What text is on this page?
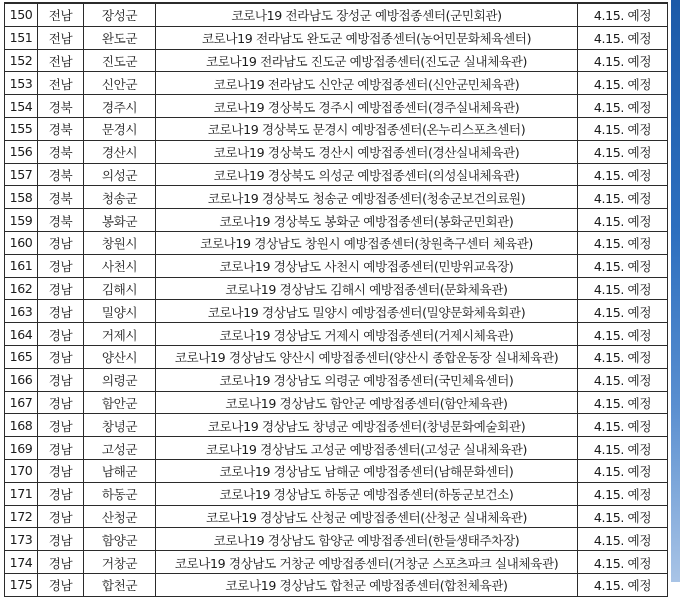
150	전남	장성군	코로나19 전라남도 장성군 예방접종센터(군민회관)	4.15. 예정
151	전남	완도군	코로나19 전라남도 완도군 예방접종센터(농어민문화체육센터)	4.15. 예정
152	전남	진도군	코로나19 전라남도 진도군 예방접종센터(진도군 실내체육관)	4.15. 예정
153	전남	신안군	코로나19 전라남도 신안군 예방접종센터(신안군민체육관)	4.15. 예정
154	경북	경주시	코로나19 경상북도 경주시 예방접종센터(경주실내체육관)	4.15. 예정
155	경북	문경시	코로나19 경상북도 문경시 예방접종센터(온누리스포츠센터)	4.15. 예정
156	경북	경산시	코로나19 경상북도 경산시 예방접종센터(경산실내체육관)	4.15. 예정
157	경북	의성군	코로나19 경상북도 의성군 예방접종센터(의성실내체육관)	4.15. 예정
158	경북	청송군	코로나19 경상북도 청송군 예방접종센터(청송군보건의료원)	4.15. 예정
159	경북	봉화군	코로나19 경상북도 봉화군 예방접종센터(봉화군민회관)	4.15. 예정
160	경남	창원시	코로나19 경상남도 창원시 예방접종센터(창원축구센터 체육관)	4.15. 예정
161	경남	사천시	코로나19 경상남도 사천시 예방접종센터(민방위교육장)	4.15. 예정
162	경남	김해시	코로나19 경상남도 김해시 예방접종센터(문화체육관)	4.15. 예정
163	경남	밀양시	코로나19 경상남도 밀양시 예방접종센터(밀양문화체육회관)	4.15. 예정
164	경남	거제시	코로나19 경상남도 거제시 예방접종센터(거제시체육관)	4.15. 예정
165	경남	양산시	코로나19 경상남도 양산시 예방접종센터(양산시 종합운동장 실내체육관)	4.15. 예정
166	경남	의령군	코로나19 경상남도 의령군 예방접종센터(국민체육센터)	4.15. 예정
167	경남	함안군	코로나19 경상남도 함안군 예방접종센터(함안체육관)	4.15. 예정
168	경남	창녕군	코로나19 경상남도 창녕군 예방접종센터(창녕문화예술회관)	4.15. 예정
169	경남	고성군	코로나19 경상남도 고성군 예방접종센터(고성군 실내체육관)	4.15. 예정
170	경남	남해군	코로나19 경상남도 남해군 예방접종센터(남해문화센터)	4.15. 예정
171	경남	하동군	코로나19 경상남도 하동군 예방접종센터(하동군보건소)	4.15. 예정
172	경남	산청군	코로나19 경상남도 산청군 예방접종센터(산청군 실내체육관)	4.15. 예정
173	경남	함양군	코로나19 경상남도 함양군 예방접종센터(한들생태주차장)	4.15. 예정
174	경남	거창군	코로나19 경상남도 거창군 예방접종센터(거창군 스포츠파크 실내체육관)	4.15. 예정
175	경남	합천군	코로나19 경상남도 합천군 예방접종센터(합천체육관)	4.15. 예정
